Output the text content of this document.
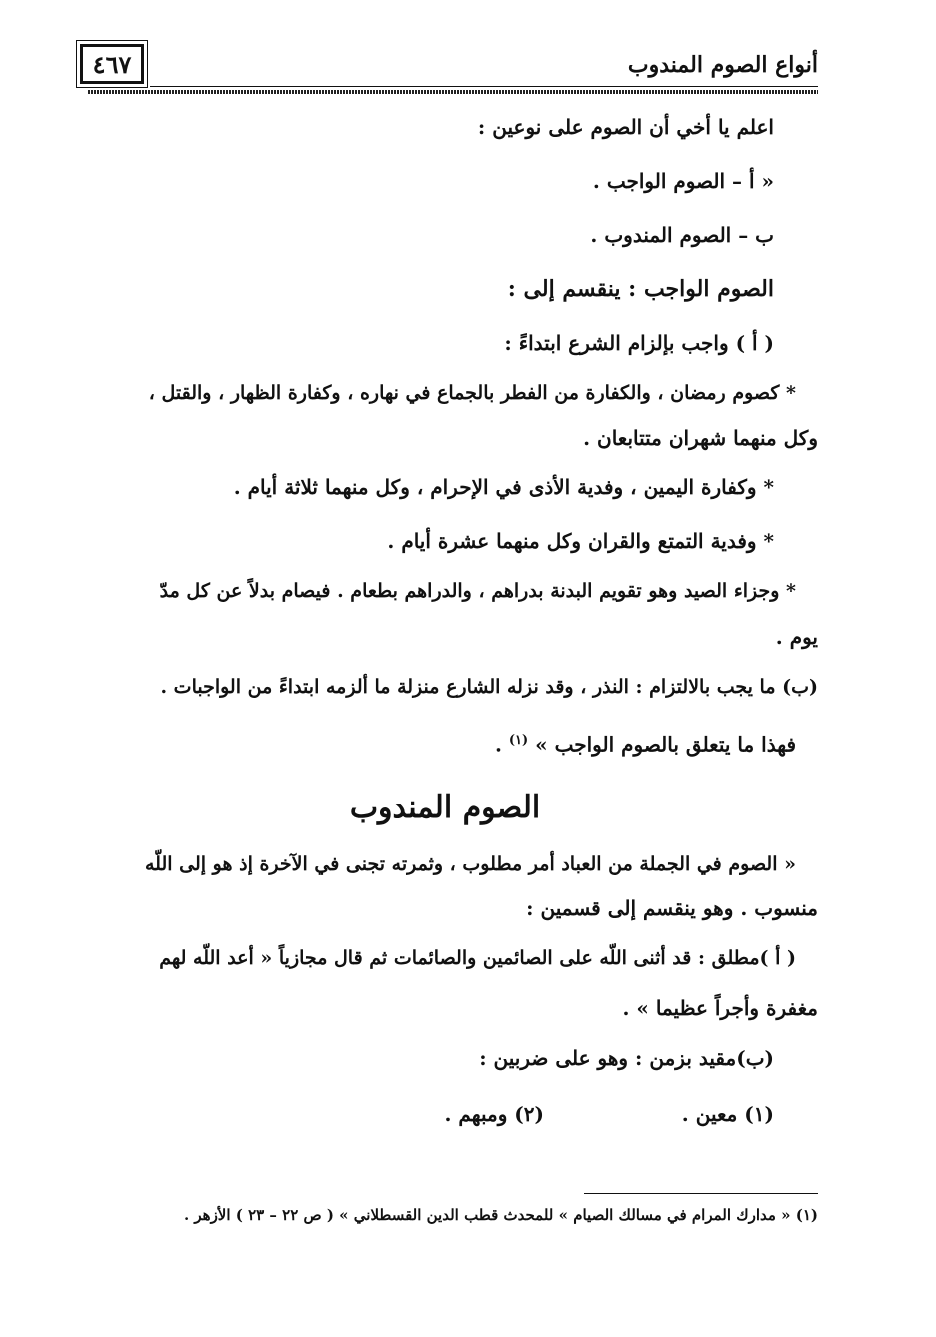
٤٦٧	أنواع الصوم المندوب
اعلم يا أخي أن الصوم على نوعين :
« أ – الصوم الواجب .
ب – الصوم المندوب .
الصوم الواجب : ينقسم إلى :
( أ ) واجب بإلزام الشرع ابتداءً :
* كصوم رمضان ، والكفارة من الفطر بالجماع في نهاره ، وكفارة الظهار ، والقتل ،
وكل منهما شهران متتابعان .
* وكفارة اليمين ، وفدية الأذى في الإحرام ، وكل منهما ثلاثة أيام .
* وفدية التمتع والقران وكل منهما عشرة أيام .
* وجزاء الصيد وهو تقويم البدنة بدراهم ، والدراهم بطعام . فيصام بدلاً عن كل مدّ
يوم .
(ب) ما يجب بالالتزام : النذر ، وقد نزله الشارع منزلة ما ألزمه ابتداءً من الواجبات .
فهذا ما يتعلق بالصوم الواجب » $^{(١)}$ .
الصوم المندوب
« الصوم في الجملة من العباد أمر مطلوب ، وثمرته تجنى في الآخرة إذ هو إلى اللّه
منسوب . وهو ينقسم إلى قسمين :
( أ )مطلق : قد أثنى اللّه على الصائمين والصائمات ثم قال مجازياً « أعد اللّه لهم
مغفرة وأجراً عظيما » .
(ب)مقيد بزمن : وهو على ضربين :
(١) معين .
(٢) ومبهم .
(١) « مدارك المرام في مسالك الصيام » للمحدث قطب الدين القسطلاني » ( ص ٢٢ – ٢٣ ) الأزهر .
